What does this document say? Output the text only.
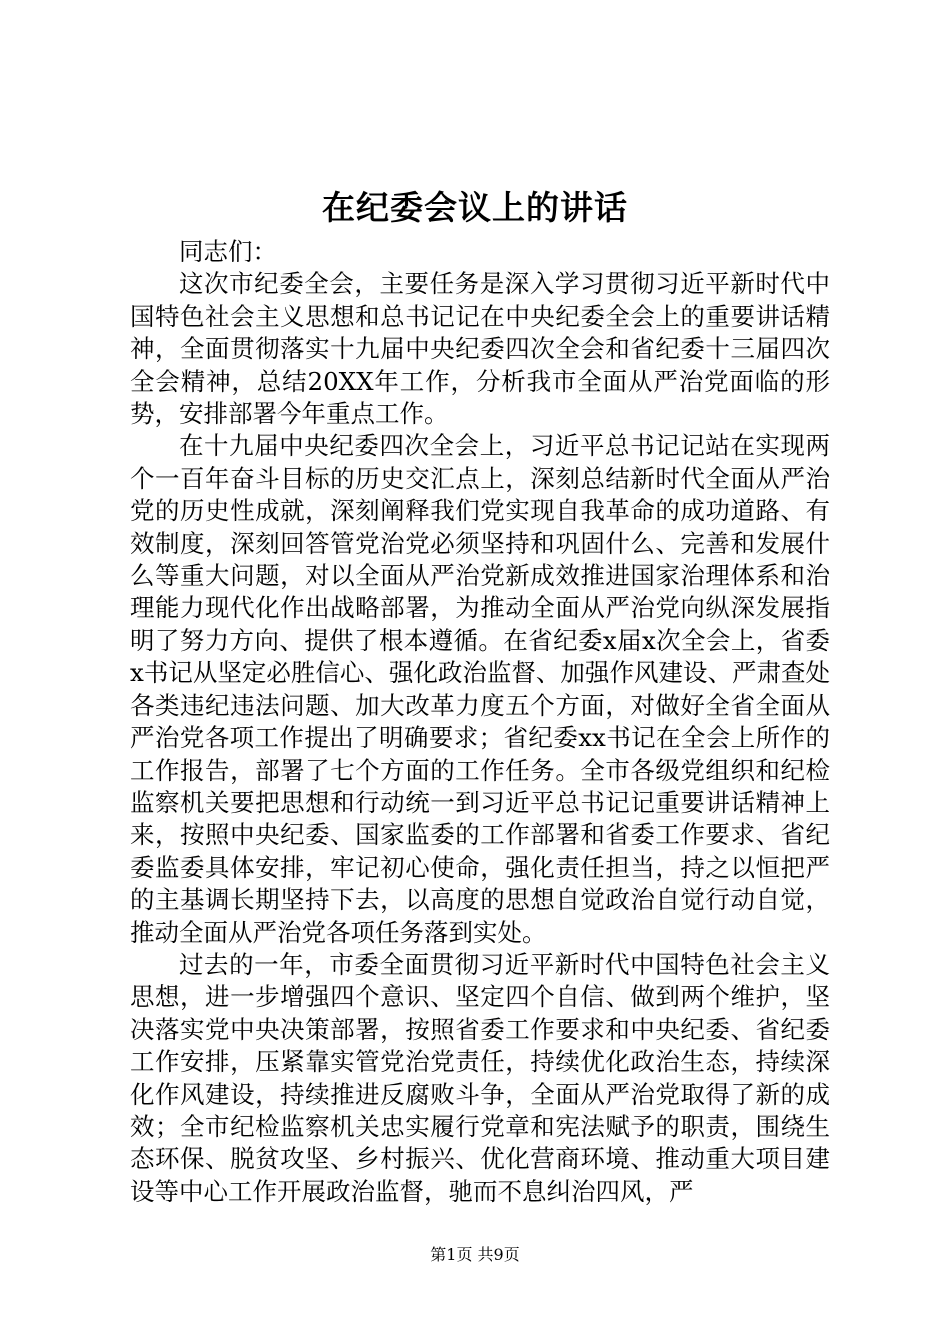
在纪委会议上的讲话

同志们：

这次市纪委全会，主要任务是深入学习贯彻习近平新时代中国特色社会主义思想和总书记记在中央纪委全会上的重要讲话精神，全面贯彻落实十九届中央纪委四次全会和省纪委十三届四次全会精神，总结20XX年工作，分析我市全面从严治党面临的形势，安排部署今年重点工作。

在十九届中央纪委四次全会上，习近平总书记记站在实现两个一百年奋斗目标的历史交汇点上，深刻总结新时代全面从严治党的历史性成就，深刻阐释我们党实现自我革命的成功道路、有效制度，深刻回答管党治党必须坚持和巩固什么、完善和发展什么等重大问题，对以全面从严治党新成效推进国家治理体系和治理能力现代化作出战略部署，为推动全面从严治党向纵深发展指明了努力方向、提供了根本遵循。在省纪委x届x次全会上，省委x书记从坚定必胜信心、强化政治监督、加强作风建设、严肃查处各类违纪违法问题、加大改革力度五个方面，对做好全省全面从严治党各项工作提出了明确要求；省纪委xx书记在全会上所作的工作报告，部署了七个方面的工作任务。全市各级党组织和纪检监察机关要把思想和行动统一到习近平总书记记重要讲话精神上来，按照中央纪委、国家监委的工作部署和省委工作要求、省纪委监委具体安排，牢记初心使命，强化责任担当，持之以恒把严的主基调长期坚持下去，以高度的思想自觉政治自觉行动自觉，推动全面从严治党各项任务落到实处。

过去的一年，市委全面贯彻习近平新时代中国特色社会主义思想，进一步增强四个意识、坚定四个自信、做到两个维护，坚决落实党中央决策部署，按照省委工作要求和中央纪委、省纪委工作安排，压紧靠实管党治党责任，持续优化政治生态，持续深化作风建设，持续推进反腐败斗争，全面从严治党取得了新的成效；全市纪检监察机关忠实履行党章和宪法赋予的职责，围绕生态环保、脱贫攻坚、乡村振兴、优化营商环境、推动重大项目建设等中心工作开展政治监督，驰而不息纠治四风，严

第1页 共9页
